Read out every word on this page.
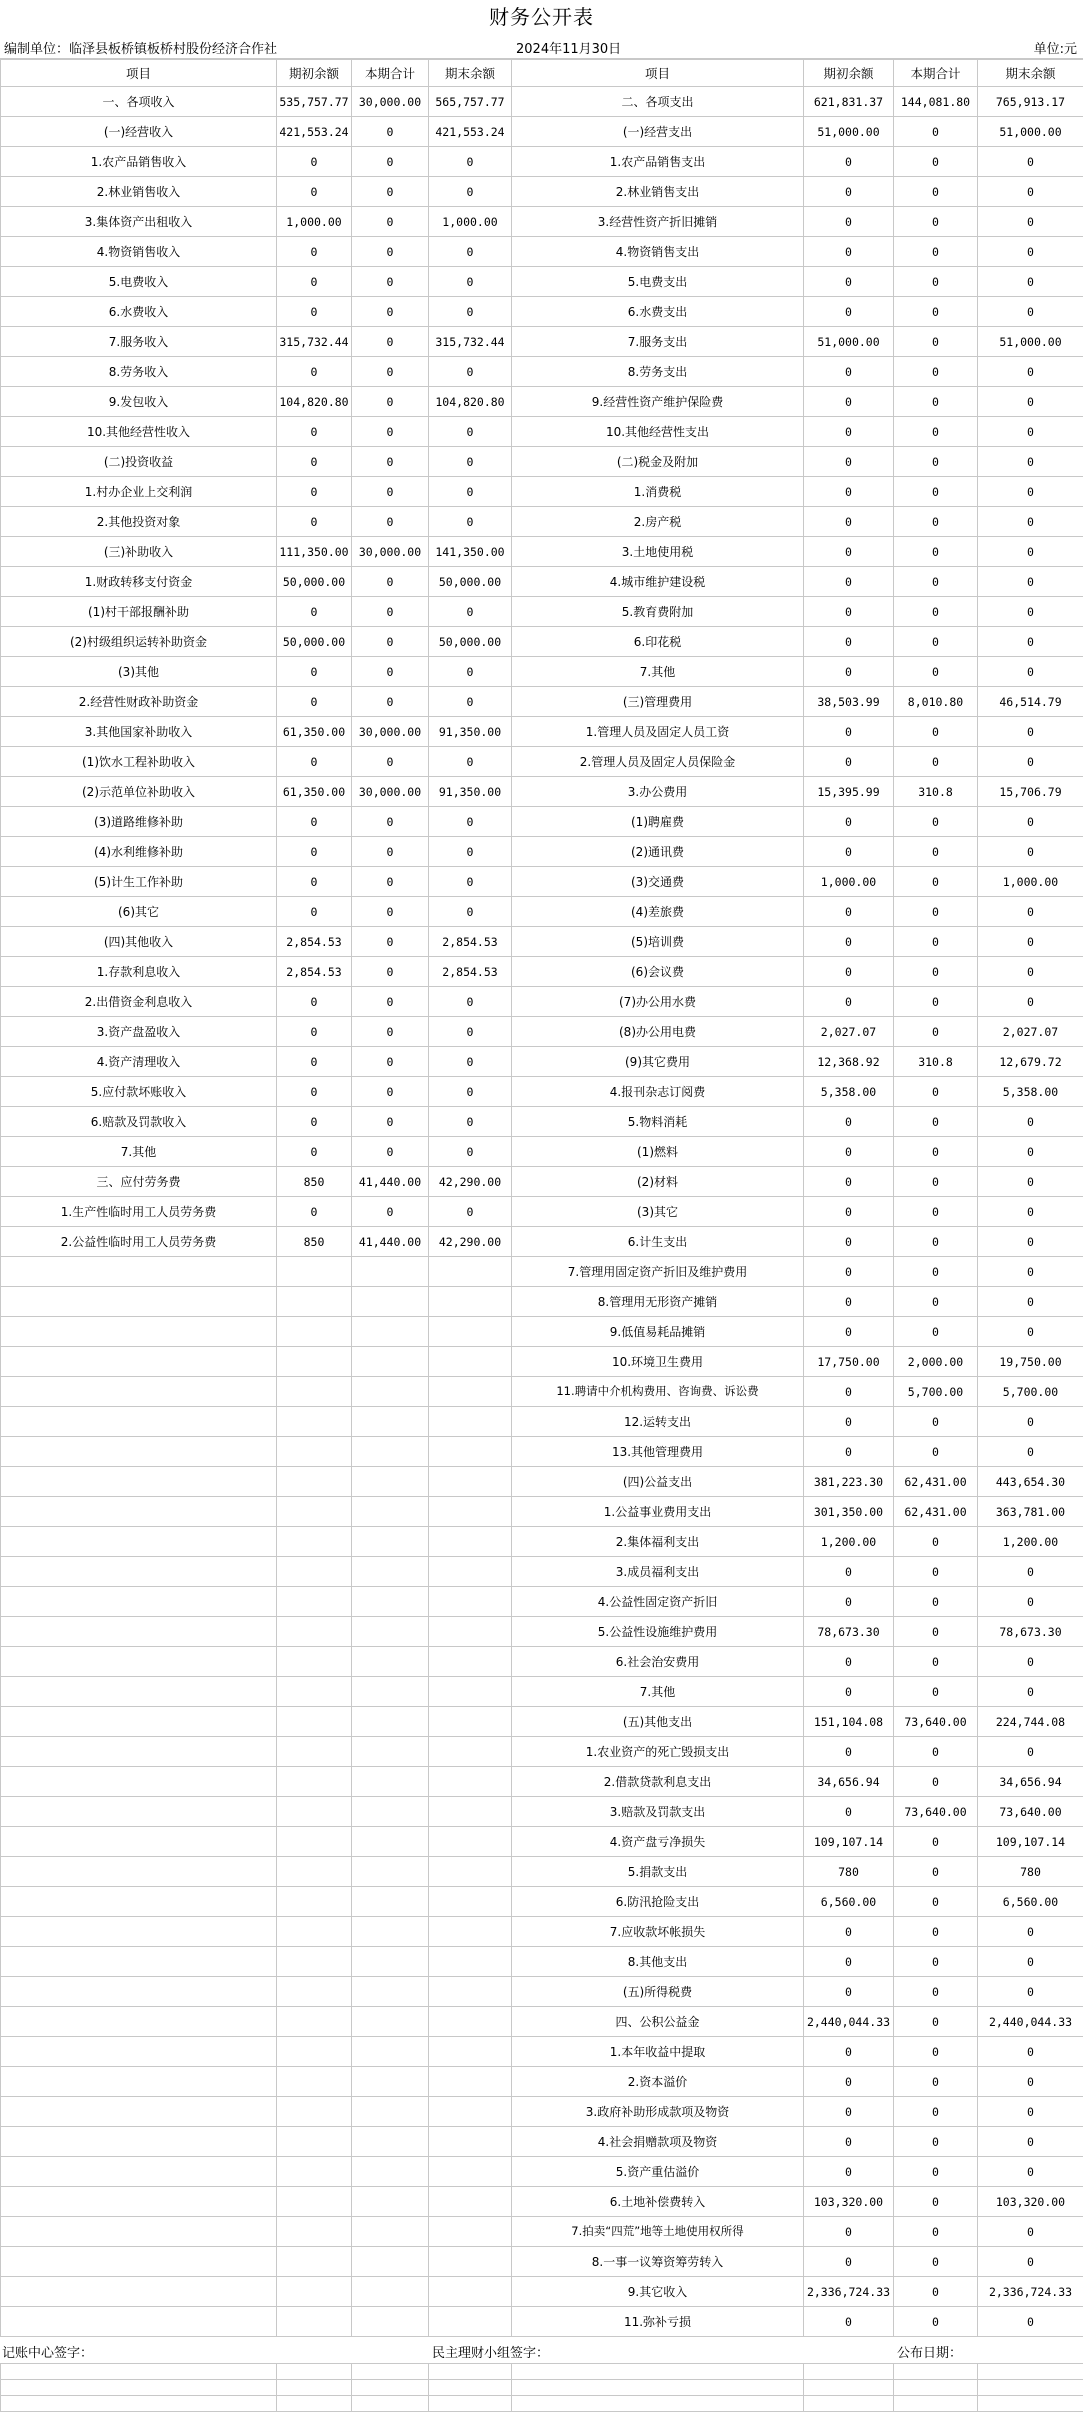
财务公开表
编制单位：临泽县板桥镇板桥村股份经济合作社	2024年11月30日	单位:元
项目	期初余额	本期合计	期末余额	项目	期初余额	本期合计	期末余额
一、各项收入	535,757.77	30,000.00	565,757.77	二、各项支出	621,831.37	144,081.80	765,913.17
(一)经营收入	421,553.24	0	421,553.24	(一)经营支出	51,000.00	0	51,000.00
1.农产品销售收入	0	0	0	1.农产品销售支出	0	0	0
2.林业销售收入	0	0	0	2.林业销售支出	0	0	0
3.集体资产出租收入	1,000.00	0	1,000.00	3.经营性资产折旧摊销	0	0	0
4.物资销售收入	0	0	0	4.物资销售支出	0	0	0
5.电费收入	0	0	0	5.电费支出	0	0	0
6.水费收入	0	0	0	6.水费支出	0	0	0
7.服务收入	315,732.44	0	315,732.44	7.服务支出	51,000.00	0	51,000.00
8.劳务收入	0	0	0	8.劳务支出	0	0	0
9.发包收入	104,820.80	0	104,820.80	9.经营性资产维护保险费	0	0	0
10.其他经营性收入	0	0	0	10.其他经营性支出	0	0	0
(二)投资收益	0	0	0	(二)税金及附加	0	0	0
1.村办企业上交利润	0	0	0	1.消费税	0	0	0
2.其他投资对象	0	0	0	2.房产税	0	0	0
(三)补助收入	111,350.00	30,000.00	141,350.00	3.土地使用税	0	0	0
1.财政转移支付资金	50,000.00	0	50,000.00	4.城市维护建设税	0	0	0
(1)村干部报酬补助	0	0	0	5.教育费附加	0	0	0
(2)村级组织运转补助资金	50,000.00	0	50,000.00	6.印花税	0	0	0
(3)其他	0	0	0	7.其他	0	0	0
2.经营性财政补助资金	0	0	0	(三)管理费用	38,503.99	8,010.80	46,514.79
3.其他国家补助收入	61,350.00	30,000.00	91,350.00	1.管理人员及固定人员工资	0	0	0
(1)饮水工程补助收入	0	0	0	2.管理人员及固定人员保险金	0	0	0
(2)示范单位补助收入	61,350.00	30,000.00	91,350.00	3.办公费用	15,395.99	310.8	15,706.79
(3)道路维修补助	0	0	0	(1)聘雇费	0	0	0
(4)水利维修补助	0	0	0	(2)通讯费	0	0	0
(5)计生工作补助	0	0	0	(3)交通费	1,000.00	0	1,000.00
(6)其它	0	0	0	(4)差旅费	0	0	0
(四)其他收入	2,854.53	0	2,854.53	(5)培训费	0	0	0
1.存款利息收入	2,854.53	0	2,854.53	(6)会议费	0	0	0
2.出借资金利息收入	0	0	0	(7)办公用水费	0	0	0
3.资产盘盈收入	0	0	0	(8)办公用电费	2,027.07	0	2,027.07
4.资产清理收入	0	0	0	(9)其它费用	12,368.92	310.8	12,679.72
5.应付款坏账收入	0	0	0	4.报刊杂志订阅费	5,358.00	0	5,358.00
6.赔款及罚款收入	0	0	0	5.物料消耗	0	0	0
7.其他	0	0	0	(1)燃料	0	0	0
三、应付劳务费	850	41,440.00	42,290.00	(2)材料	0	0	0
1.生产性临时用工人员劳务费	0	0	0	(3)其它	0	0	0
2.公益性临时用工人员劳务费	850	41,440.00	42,290.00	6.计生支出	0	0	0
				7.管理用固定资产折旧及维护费用	0	0	0
				8.管理用无形资产摊销	0	0	0
				9.低值易耗品摊销	0	0	0
				10.环境卫生费用	17,750.00	2,000.00	19,750.00
				11.聘请中介机构费用、咨询费、诉讼费	0	5,700.00	5,700.00
				12.运转支出	0	0	0
				13.其他管理费用	0	0	0
				(四)公益支出	381,223.30	62,431.00	443,654.30
				1.公益事业费用支出	301,350.00	62,431.00	363,781.00
				2.集体福利支出	1,200.00	0	1,200.00
				3.成员福利支出	0	0	0
				4.公益性固定资产折旧	0	0	0
				5.公益性设施维护费用	78,673.30	0	78,673.30
				6.社会治安费用	0	0	0
				7.其他	0	0	0
				(五)其他支出	151,104.08	73,640.00	224,744.08
				1.农业资产的死亡毁损支出	0	0	0
				2.借款贷款利息支出	34,656.94	0	34,656.94
				3.赔款及罚款支出	0	73,640.00	73,640.00
				4.资产盘亏净损失	109,107.14	0	109,107.14
				5.捐款支出	780	0	780
				6.防汛抢险支出	6,560.00	0	6,560.00
				7.应收款坏帐损失	0	0	0
				8.其他支出	0	0	0
				(五)所得税费	0	0	0
				四、公积公益金	2,440,044.33	0	2,440,044.33
				1.本年收益中提取	0	0	0
				2.资本溢价	0	0	0
				3.政府补助形成款项及物资	0	0	0
				4.社会捐赠款项及物资	0	0	0
				5.资产重估溢价	0	0	0
				6.土地补偿费转入	103,320.00	0	103,320.00
				7.拍卖“四荒”地等土地使用权所得	0	0	0
				8.一事一议筹资筹劳转入	0	0	0
				9.其它收入	2,336,724.33	0	2,336,724.33
				11.弥补亏损	0	0	0
记账中心签字：	民主理财小组签字：	公布日期：
